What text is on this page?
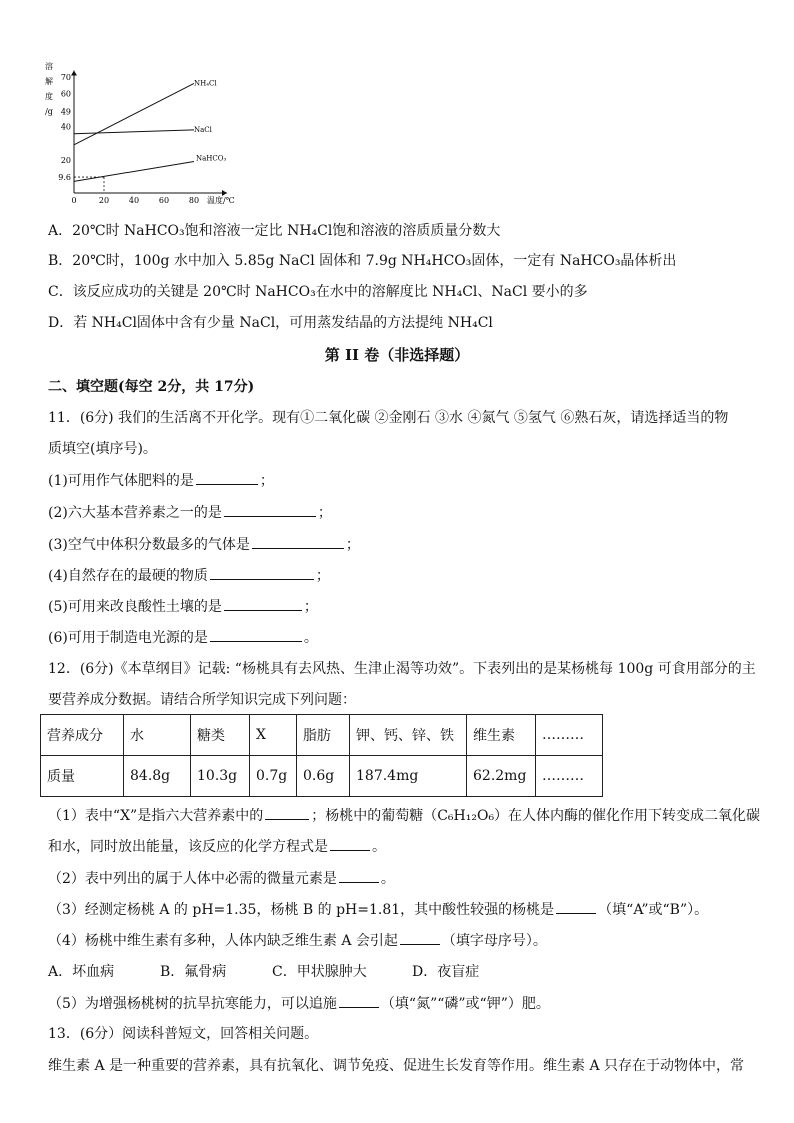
溶
解
度
/g
70
60
49
40
20
9.6
0	20 40 60 80 温度/℃
NH₄Cl
NaCl
NaHCO₃
A．20℃时 NaHCO₃饱和溶液一定比 NH₄Cl饱和溶液的溶质质量分数大
B．20℃时，100g 水中加入 5.85g NaCl 固体和 7.9g NH₄HCO₃固体，一定有 NaHCO₃晶体析出
C．该反应成功的关键是 20℃时 NaHCO₃在水中的溶解度比 NH₄Cl、NaCl 要小的多
D．若 NH₄Cl固体中含有少量 NaCl，可用蒸发结晶的方法提纯 NH₄Cl
第 II 卷（非选择题）
二、填空题(每空 2分，共 17分)
11．(6分) 我们的生活离不开化学。现有①二氧化碳 ②金刚石 ③水 ④氮气 ⑤氢气 ⑥熟石灰，请选择适当的物
质填空(填序号)。
(1)可用作气体肥料的是	；
(2)六大基本营养素之一的是	；
(3)空气中体积分数最多的气体是	；
(4)自然存在的最硬的物质	；
(5)可用来改良酸性土壤的是	；
(6)可用于制造电光源的是	。
12．(6分)《本草纲目》记载: “杨桃具有去风热、生津止渴等功效”。下表列出的是某杨桃每 100g 可食用部分的主
要营养成分数据。请结合所学知识完成下列问题：
营养成分	水	糖类	X	脂肪	钾、钙、锌、铁	维生素	………
质量	84.8g	10.3g	0.7g	0.6g	187.4mg	62.2mg	………
（1）表中“X”是指六大营养素中的	；杨桃中的葡萄糖（C₆H₁₂O₆）在人体内酶的催化作用下转变成二氧化碳
和水，同时放出能量，该反应的化学方程式是	。
（2）表中列出的属于人体中必需的微量元素是	。
（3）经测定杨桃 A 的 pH=1.35，杨桃 B 的 pH=1.81，其中酸性较强的杨桃是	（填“A”或“B”）。
（4）杨桃中维生素有多种，人体内缺乏维生素 A 会引起	（填字母序号）。
A．坏血病	B．氟骨病	C．甲状腺肿大	D．夜盲症
（5）为增强杨桃树的抗旱抗寒能力，可以追施	（填“氮”“磷”或“钾”）肥。
13．(6分）阅读科普短文，回答相关问题。
维生素 A 是一种重要的营养素，具有抗氧化、调节免疫、促进生长发育等作用。维生素 A 只存在于动物体中，常
